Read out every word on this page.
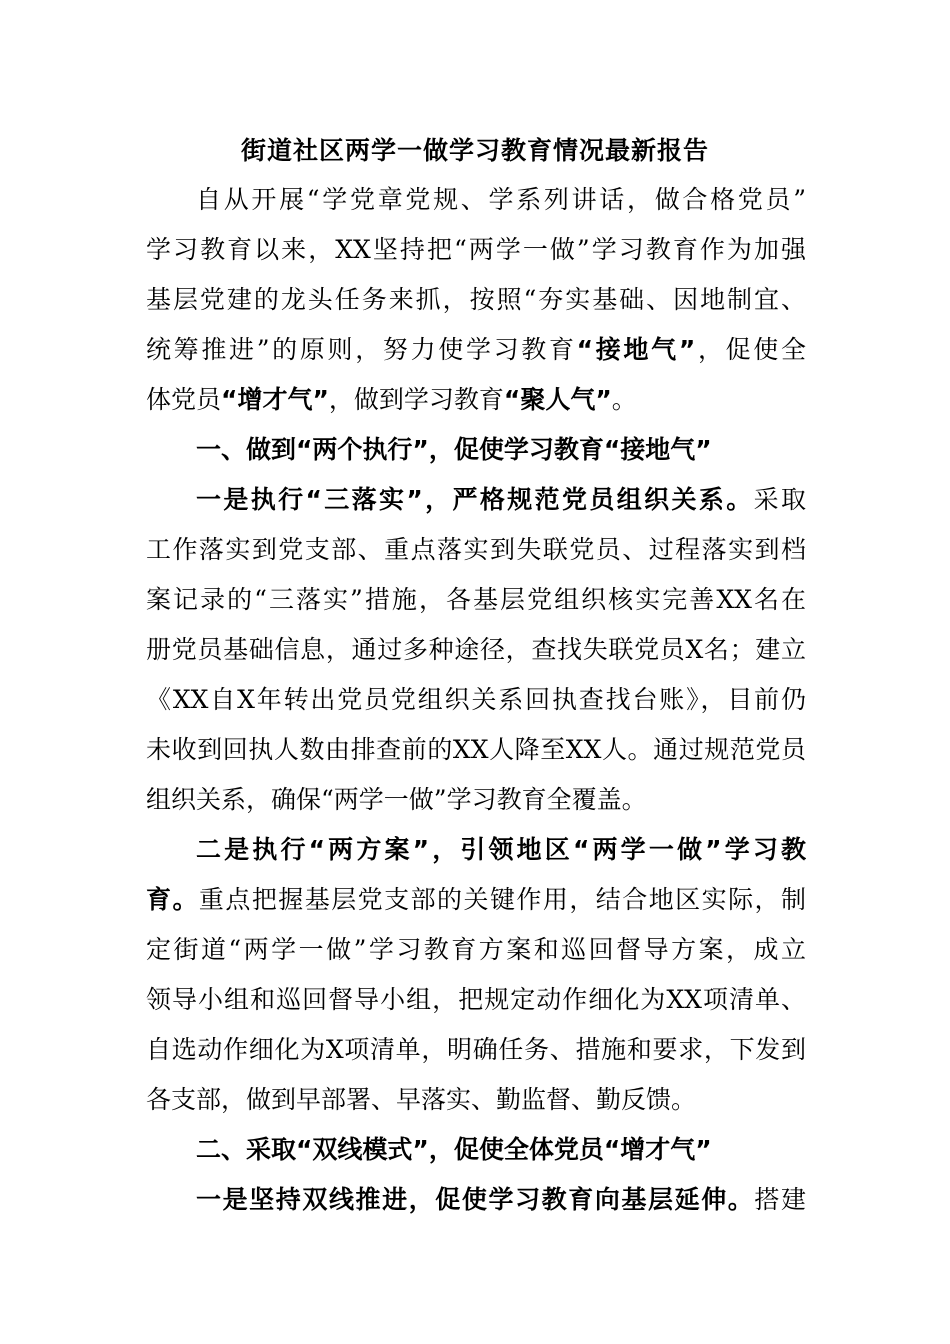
街道社区两学一做学习教育情况最新报告
自从开展“学党章党规、学系列讲话，做合格党员”
学习教育以来，XX坚持把“两学一做”学习教育作为加强
基层党建的龙头任务来抓，按照“夯实基础、因地制宜、
统筹推进”的原则，努力使学习教育“接地气”，促使全
体党员“增才气”，做到学习教育“聚人气”。
一、做到“两个执行”，促使学习教育“接地气”
一是执行“三落实”，严格规范党员组织关系。采取
工作落实到党支部、重点落实到失联党员、过程落实到档
案记录的“三落实”措施，各基层党组织核实完善XX名在
册党员基础信息，通过多种途径，查找失联党员X名；建立
《XX自X年转出党员党组织关系回执查找台账》，目前仍
未收到回执人数由排查前的XX人降至XX人。通过规范党员
组织关系，确保“两学一做”学习教育全覆盖。
二是执行“两方案”，引领地区“两学一做”学习教
育。重点把握基层党支部的关键作用，结合地区实际，制
定街道“两学一做”学习教育方案和巡回督导方案，成立
领导小组和巡回督导小组，把规定动作细化为XX项清单、
自选动作细化为X项清单，明确任务、措施和要求，下发到
各支部，做到早部署、早落实、勤监督、勤反馈。
二、采取“双线模式”，促使全体党员“增才气”
一是坚持双线推进，促使学习教育向基层延伸。搭建
